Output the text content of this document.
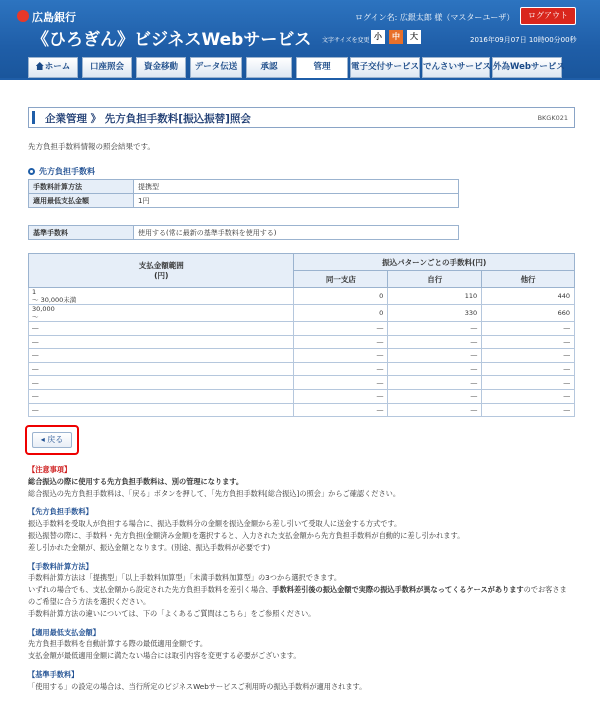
広島銀行
《ひろぎん》ビジネスWebサービス
ログイン名: 広銀太郎 様（マスターユーザ）	ログアウト
文字サイズを変更 小	中	大	2016年09月07日 10時00分00秒
ホーム	口座照会	資金移動	データ伝送	承認	管理	電子交付サービス でんさいサービス 外為Webサービス
企業管理 》 先方負担手数料[振込振替]照会	BKGK021
先方負担手数料情報の照会結果です。
先方負担手数料
手数料計算方法	提携型
適用最低支払金額	1円
基準手数料	使用する(常に最新の基準手数料を使用する)
支払金額範囲
(円)	振込パターンごとの手数料(円)		
	同一支店	自行	他行
1
～ 30,000未満	0	110	440
30,000
～	0	330	660
―	―	―	―
―	―	―	―
―	―	―	―
―	―	―	―
―	―	―	―
―	―	―	―
―	―	―	―
◂ 戻る

【注意事項】

総合振込の際に使用する先方負担手数料は、別の管理になります。

総合振込の先方負担手数料は、「戻る」ボタンを押して、「先方負担手数料[総合振込]の照会」からご確認ください。

【先方負担手数料】

振込手数料を受取人が負担する場合に、振込手数料分の金額を振込金額から差し引いて受取人に送金する方式です。

振込振替の際に、手数料・先方負担(金額済み金額)を選択すると、入力された支払金額から先方負担手数料が自動的に差し引かれます。

差し引かれた金額が、振込金額となります。(別途、振込手数料が必要です)

【手数料計算方法】

手数料計算方法は「提携型」「以上手数料加算型」「未満手数料加算型」の3つから選択できます。

いずれの場合でも、支払金額から設定された先方負担手数料を差引く場合、手数料差引後の振込金額で実際の振込手数料が異なってくるケースがありますのでお客さま

のご希望に合う方法を選択ください。

手数料計算方法の違いについては、下の「よくあるご質問はこちら」をご参照ください。

【適用最低支払金額】

先方負担手数料を自動計算する際の最低適用金額です。

支払金額が最低適用金額に満たない場合には取引内容を変更する必要がございます。

【基準手数料】

「使用する」の設定の場合は、当行所定のビジネスWebサービスご利用時の振込手数料が適用されます。
